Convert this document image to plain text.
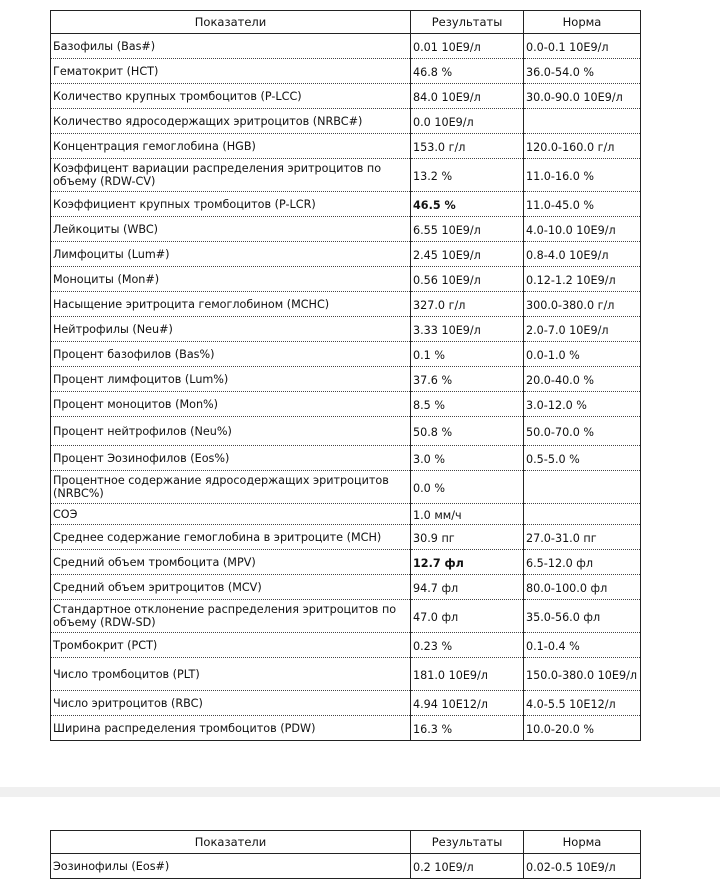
Показатели	Результаты	Норма
Базофилы (Bas#)	0.01 10E9/л	0.0-0.1 10E9/л
Гематокрит (HCT)	46.8 %	36.0-54.0 %
Количество крупных тромбоцитов (P-LCC)	84.0 10E9/л	30.0-90.0 10E9/л
Количество ядросодержащих эритроцитов (NRBC#)	0.0 10E9/л	
Концентрация гемоглобина (HGB)	153.0 г/л	120.0-160.0 г/л
Коэффицент вариации распределения эритроцитов по объему (RDW-CV)	13.2 %	11.0-16.0 %
Коэффициент крупных тромбоцитов (P-LCR)	46.5 %	11.0-45.0 %
Лейкоциты (WBC)	6.55 10E9/л	4.0-10.0 10E9/л
Лимфоциты (Lum#)	2.45 10E9/л	0.8-4.0 10E9/л
Моноциты (Mon#)	0.56 10E9/л	0.12-1.2 10E9/л
Насыщение эритроцита гемоглобином (MCHC)	327.0 г/л	300.0-380.0 г/л
Нейтрофилы (Neu#)	3.33 10E9/л	2.0-7.0 10E9/л
Процент базофилов (Bas%)	0.1 %	0.0-1.0 %
Процент лимфоцитов (Lum%)	37.6 %	20.0-40.0 %
Процент моноцитов (Mon%)	8.5 %	3.0-12.0 %
Процент нейтрофилов (Neu%)	50.8 %	50.0-70.0 %
Процент Эозинофилов (Eos%)	3.0 %	0.5-5.0 %
Процентное содержание ядросодержащих эритроцитов (NRBC%)	0.0 %	
СОЭ	1.0 мм/ч	
Среднее содержание гемоглобина в эритроците (MCH)	30.9 пг	27.0-31.0 пг
Средний объем тромбоцита (MPV)	12.7 фл	6.5-12.0 фл
Средний объем эритроцитов (MCV)	94.7 фл	80.0-100.0 фл
Стандартное отклонение распределения эритроцитов по объему (RDW-SD)	47.0 фл	35.0-56.0 фл
Тромбокрит (PCT)	0.23 %	0.1-0.4 %
Число тромбоцитов (PLT)	181.0 10E9/л	150.0-380.0 10E9/л
Число эритроцитов (RBC)	4.94 10E12/л	4.0-5.5 10E12/л
Ширина распределения тромбоцитов (PDW)	16.3 %	10.0-20.0 %
Показатели	Результаты	Норма
Эозинофилы (Eos#)	0.2 10E9/л	0.02-0.5 10E9/л
